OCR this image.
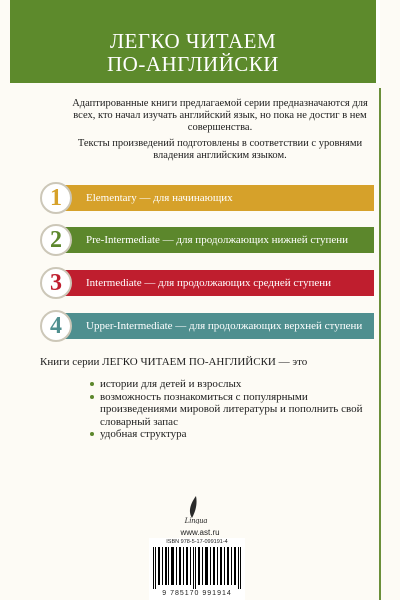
ЛЕГКО ЧИТАЕМ
ПО-АНГЛИЙСКИ

Адаптированные книги предлагаемой серии предназначаются для всех, кто начал изучать английский язык, но пока не достиг в нем совершенства.

Тексты произведений подготовлены в соответствии с уровнями владения английским языком.

Elementary — для начинающих
1
Pre-Intermediate — для продолжающих нижней ступени
2
Intermediate — для продолжающих средней ступени
3
Upper-Intermediate — для продолжающих верхней ступени
4
Книги серии ЛЕГКО ЧИТАЕМ ПО-АНГЛИЙСКИ — это
истории для детей и взрослых
возможность познакомиться с популярными произведениями мировой литературы и пополнить свой словарный запас
удобная структура
Lingua
www.ast.ru
ISBN 978-5-17-099191-4
9 785170 991914
